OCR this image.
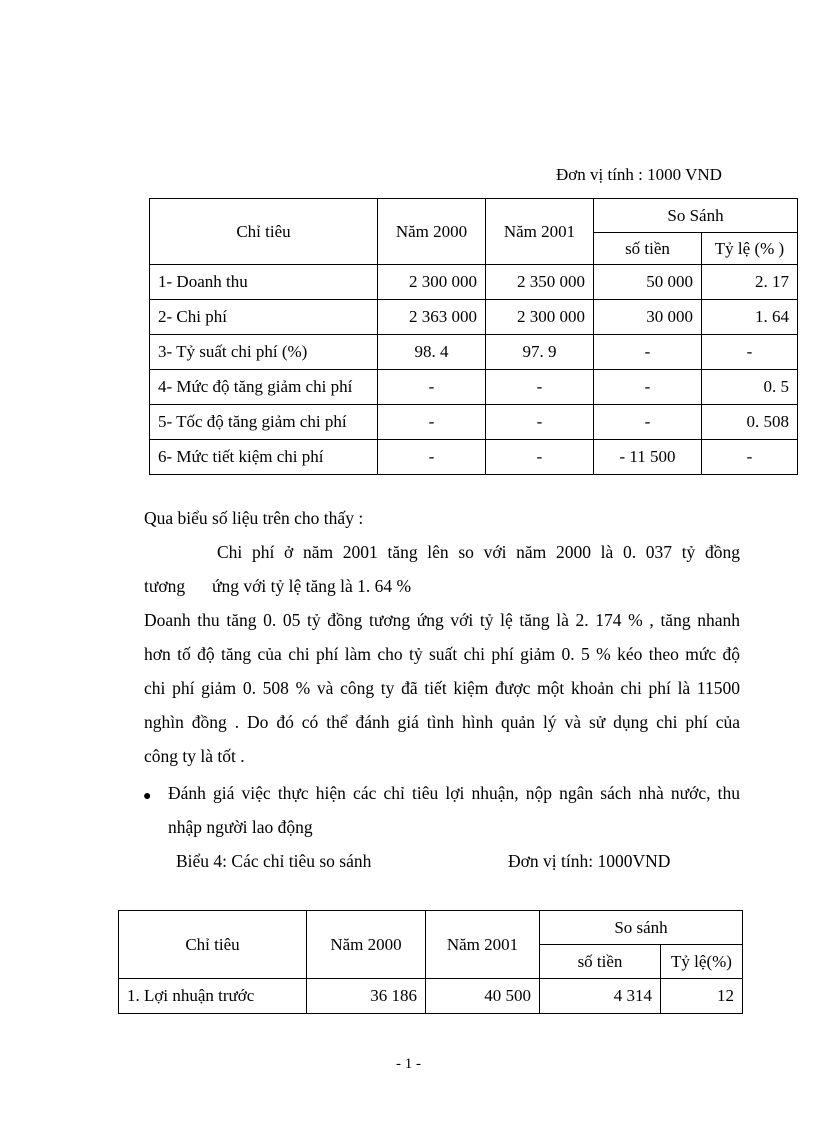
Đơn vị tính : 1000 VND
Chỉ tiêu	Năm 2000	Năm 2001	So Sánh	
			số tiền	Tỷ lệ (% )
1- Doanh thu	2 300 000	2 350 000	50 000	2. 17
2- Chi phí	2 363 000	2 300 000	30 000	1. 64
3- Tỷ suất chi phí (%)	98. 4	97. 9	-	-
4- Mức độ tăng giảm chi phí	-	-	-	0. 5
5- Tốc độ tăng giảm chi phí	-	-	-	0. 508
6- Mức tiết kiệm chi phí	-	-	- 11 500	-
Qua biểu số liệu trên cho thấy :
Chi phí ở năm 2001 tăng lên so với năm 2000 là 0. 037 tỷ đồng
tương ứng với tỷ lệ tăng là 1. 64 %
Doanh thu tăng 0. 05 tỷ đồng tương ứng với tỷ lệ tăng là 2. 174 % , tăng nhanh
hơn tố độ tăng của chi phí làm cho tỷ suất chi phí giảm 0. 5 % kéo theo mức độ
chi phí giảm 0. 508 % và công ty đã tiết kiệm được một khoản chi phí là 11500
nghìn đồng . Do đó có thể đánh giá tình hình quản lý và sử dụng chi phí của
công ty là tốt .
● Đánh giá việc thực hiện các chỉ tiêu lợi nhuận, nộp ngân sách nhà nước, thu
nhập người lao động
Biểu 4: Các chỉ tiêu so sánh	Đơn vị tính: 1000VND
Chỉ tiêu	Năm 2000	Năm 2001	So sánh	
			số tiền	Tỷ lệ(%)
1. Lợi nhuận trước	36 186	40 500	4 314	12
- 1 -
